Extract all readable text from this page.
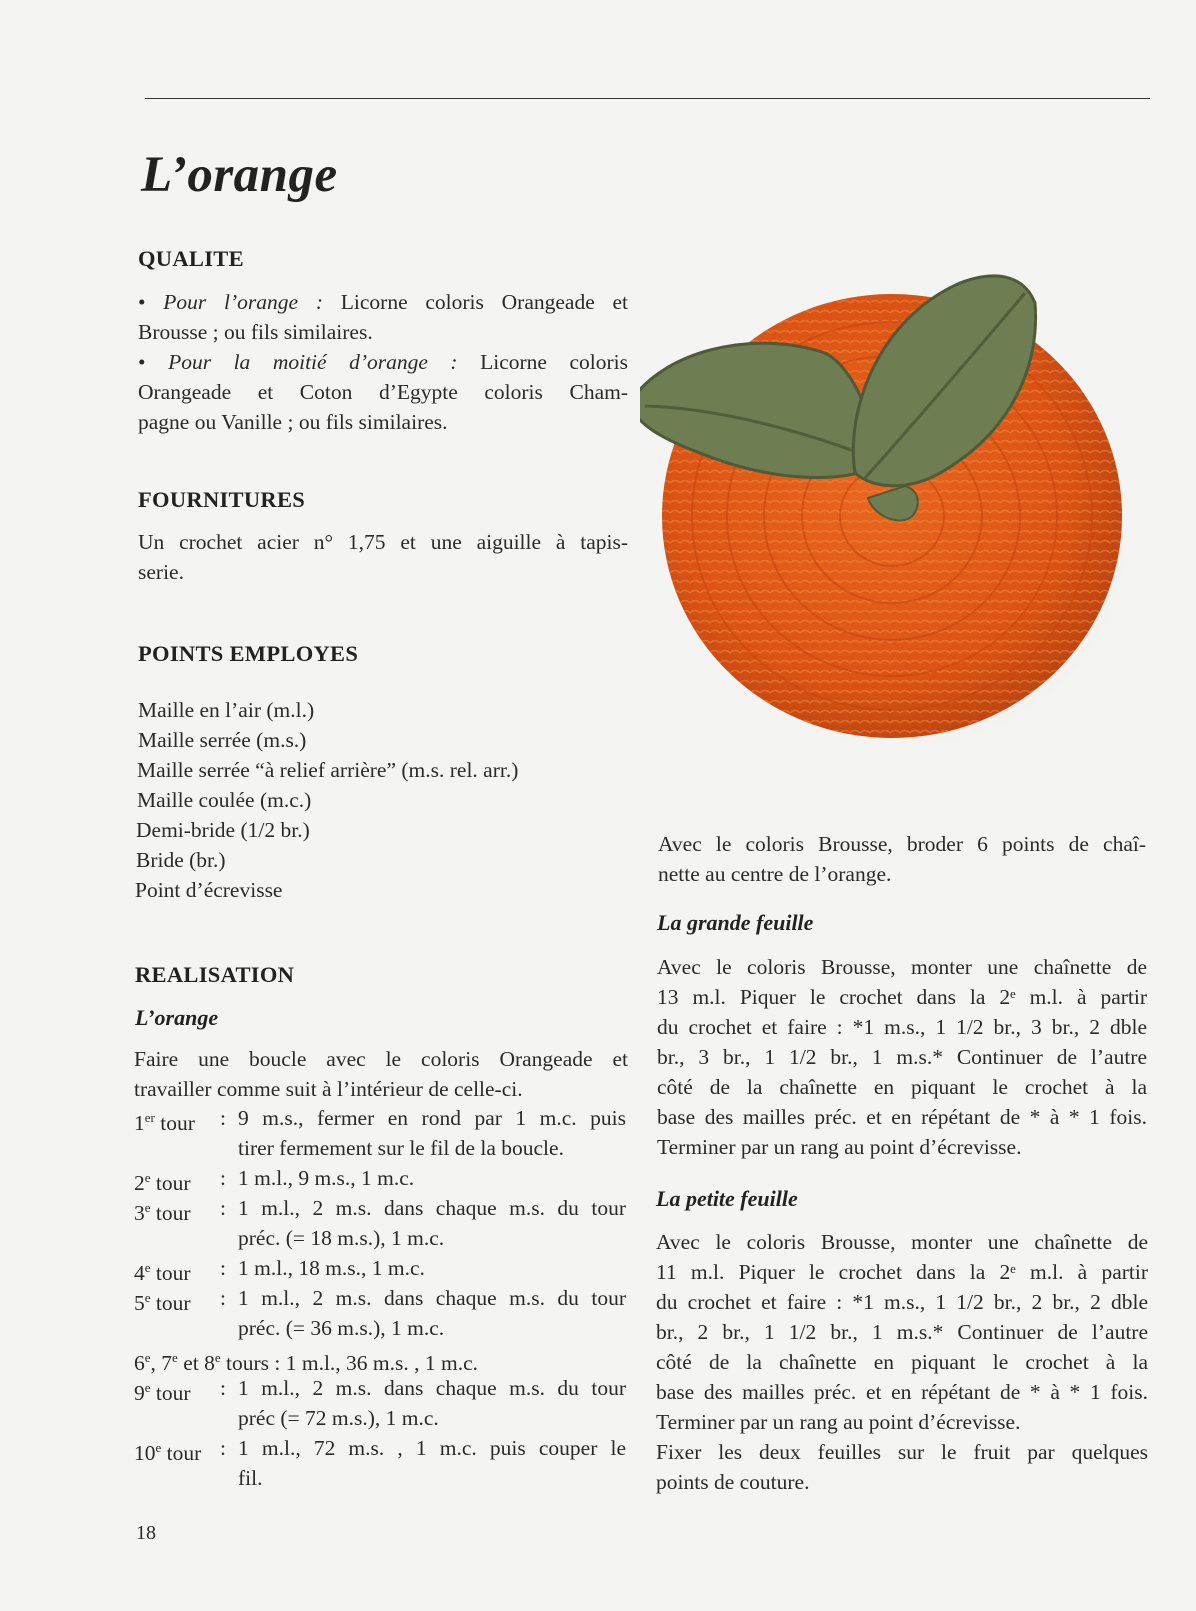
L’orange
QUALITE
• Pour l’orange : Licorne coloris Orangeade et
Brousse ; ou fils similaires.
• Pour la moitié d’orange : Licorne coloris
Orangeade et Coton d’Egypte coloris Cham-
pagne ou Vanille ; ou fils similaires.
FOURNITURES
Un crochet acier n° 1,75 et une aiguille à tapis-
serie.
POINTS EMPLOYES
Maille en l’air (m.l.)
Maille serrée (m.s.)
Maille serrée “à relief arrière” (m.s. rel. arr.)
Maille coulée (m.c.)
Demi-bride (1/2 br.)
Bride (br.)
Point d’écrevisse
REALISATION
L’orange
Faire une boucle avec le coloris Orangeade et
travailler comme suit à l’intérieur de celle-ci.
1er tour : 9 m.s., fermer en rond par 1 m.c. puis
tirer fermement sur le fil de la boucle.
2e tour : 1 m.l., 9 m.s., 1 m.c.
3e tour : 1 m.l., 2 m.s. dans chaque m.s. du tour
préc. (= 18 m.s.), 1 m.c.
4e tour : 1 m.l., 18 m.s., 1 m.c.
5e tour : 1 m.l., 2 m.s. dans chaque m.s. du tour
préc. (= 36 m.s.), 1 m.c.
6e, 7e et 8e tours : 1 m.l., 36 m.s. , 1 m.c.
9e tour : 1 m.l., 2 m.s. dans chaque m.s. du tour
préc (= 72 m.s.), 1 m.c.
10e tour : 1 m.l., 72 m.s. , 1 m.c. puis couper le
fil.
Avec le coloris Brousse, broder 6 points de chaî-
nette au centre de l’orange.
La grande feuille
Avec le coloris Brousse, monter une chaînette de
13 m.l. Piquer le crochet dans la 2ᵉ m.l. à partir
du crochet et faire : *1 m.s., 1 1/2 br., 3 br., 2 dble
br., 3 br., 1 1/2 br., 1 m.s.* Continuer de l’autre
côté de la chaînette en piquant le crochet à la
base des mailles préc. et en répétant de * à * 1 fois.
Terminer par un rang au point d’écrevisse.
La petite feuille
Avec le coloris Brousse, monter une chaînette de
11 m.l. Piquer le crochet dans la 2ᵉ m.l. à partir
du crochet et faire : *1 m.s., 1 1/2 br., 2 br., 2 dble
br., 2 br., 1 1/2 br., 1 m.s.* Continuer de l’autre
côté de la chaînette en piquant le crochet à la
base des mailles préc. et en répétant de * à * 1 fois.
Terminer par un rang au point d’écrevisse.
Fixer les deux feuilles sur le fruit par quelques
points de couture.
18
